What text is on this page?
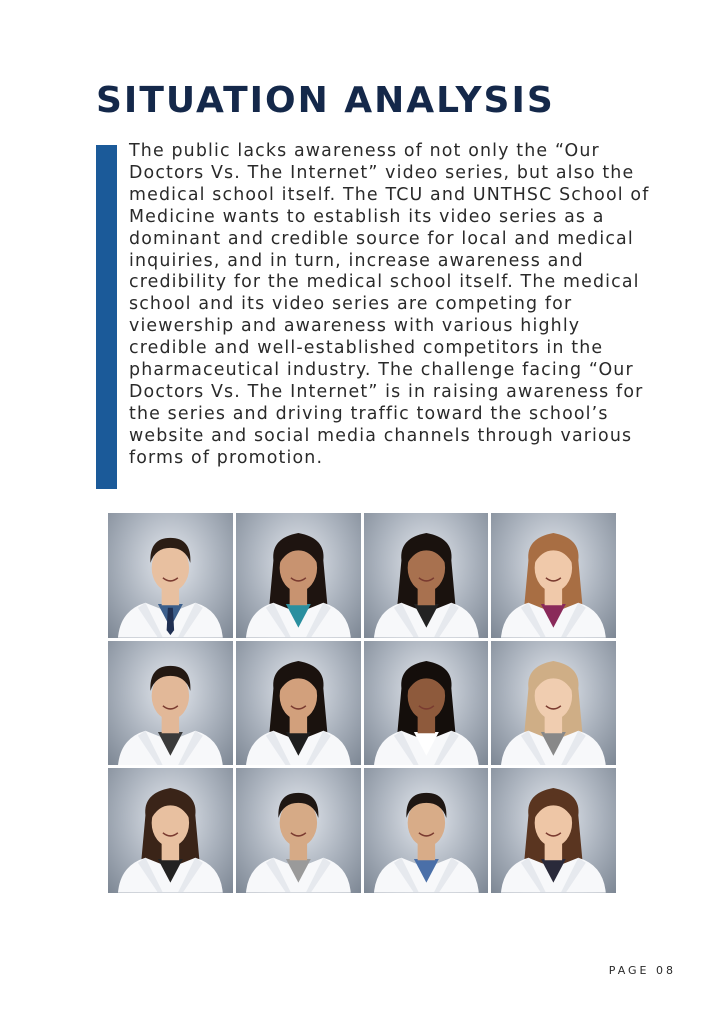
SITUATION ANALYSIS

The public lacks awareness of not only the “Our Doctors Vs. The Internet” video series, but also the medical school itself. The TCU and UNTHSC School of Medicine wants to establish its video series as a dominant and credible source for local and medical inquiries, and in turn, increase awareness and credibility for the medical school itself. The medical school and its video series are competing for viewership and awareness with various highly credible and well-established competitors in the pharmaceutical industry. The challenge facing “Our Doctors Vs. The Internet” is in raising awareness for the series and driving traffic toward the school’s website and social media channels through various forms of promotion.

PAGE 08
